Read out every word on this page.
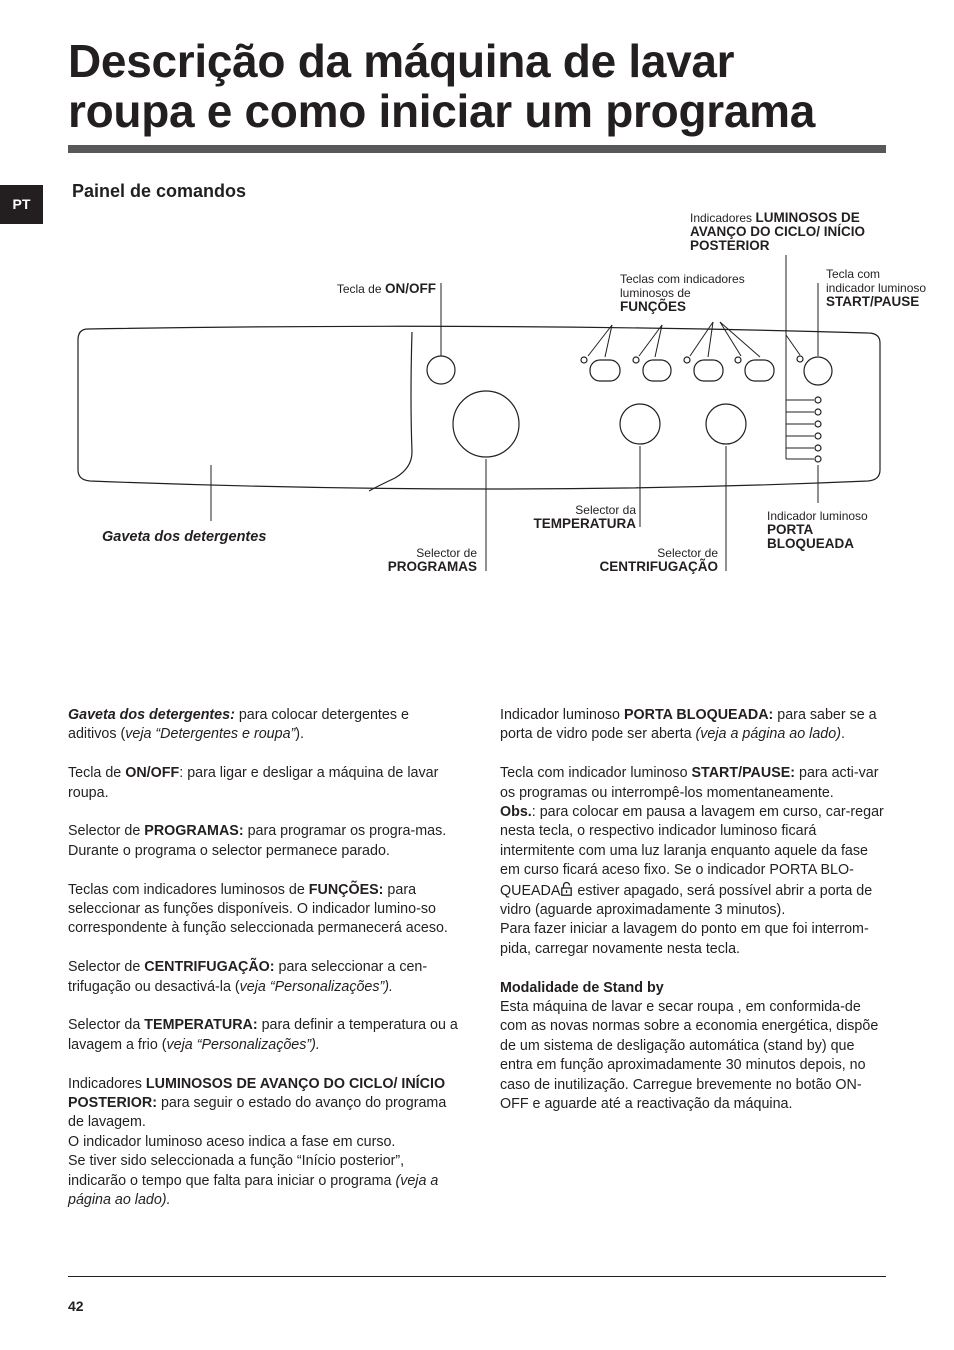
Descrição da máquina de lavar
roupa e como iniciar um programa
PT
Painel de comandos
Tecla de ON/OFF
Teclas com indicadores
luminosos de
FUNÇÕES
Indicadores LUMINOSOS DE
AVANÇO DO CICLO/ INÍCIO
POSTERIOR
Tecla com
indicador luminoso
START/PAUSE
Gaveta dos detergentes
Selector de
PROGRAMAS
Selector da
TEMPERATURA
Selector de
CENTRIFUGAÇÃO
Indicador luminoso
PORTA
BLOQUEADA

Gaveta dos detergentes: para colocar detergentes e aditivos (veja “Detergentes e roupa”).

Tecla de ON/OFF: para ligar e desligar a máquina de lavar roupa.

Selector de PROGRAMAS: para programar os progra-mas. Durante o programa o selector permanece parado.

Teclas com indicadores luminosos de FUNÇÕES: para seleccionar as funções disponíveis. O indicador lumino-so correspondente à função seleccionada permanecerá aceso.

Selector de CENTRIFUGAÇÃO: para seleccionar a cen-trifugação ou desactivá-la (veja “Personalizações”).

Selector da TEMPERATURA: para definir a temperatura ou a lavagem a frio (veja “Personalizações”).

Indicadores LUMINOSOS DE AVANÇO DO CICLO/ INÍCIO POSTERIOR: para seguir o estado do avanço do programa de lavagem.
O indicador luminoso aceso indica a fase em curso.
Se tiver sido seleccionada a função “Início posterior”, indicarão o tempo que falta para iniciar o programa (veja a página ao lado).

Indicador luminoso PORTA BLOQUEADA: para saber se a porta de vidro pode ser aberta (veja a página ao lado).

Tecla com indicador luminoso START/PAUSE: para acti-var os programas ou interrompê-los momentaneamente.
Obs.: para colocar em pausa a lavagem em curso, car-regar nesta tecla, o respectivo indicador luminoso ficará intermitente com uma luz laranja enquanto aquele da fase em curso ficará aceso fixo. Se o indicador PORTA BLO-QUEADA estiver apagado, será possível abrir a porta de vidro (aguarde aproximadamente 3 minutos).
Para fazer iniciar a lavagem do ponto em que foi interrom-pida, carregar novamente nesta tecla.

Modalidade de Stand by
Esta máquina de lavar e secar roupa , em conformida-de com as novas normas sobre a economia energética, dispõe de um sistema de desligação automática (stand by) que entra em função aproximadamente 30 minutos depois, no caso de inutilização. Carregue brevemente no botão ON-OFF e aguarde até a reactivação da máquina.

42
